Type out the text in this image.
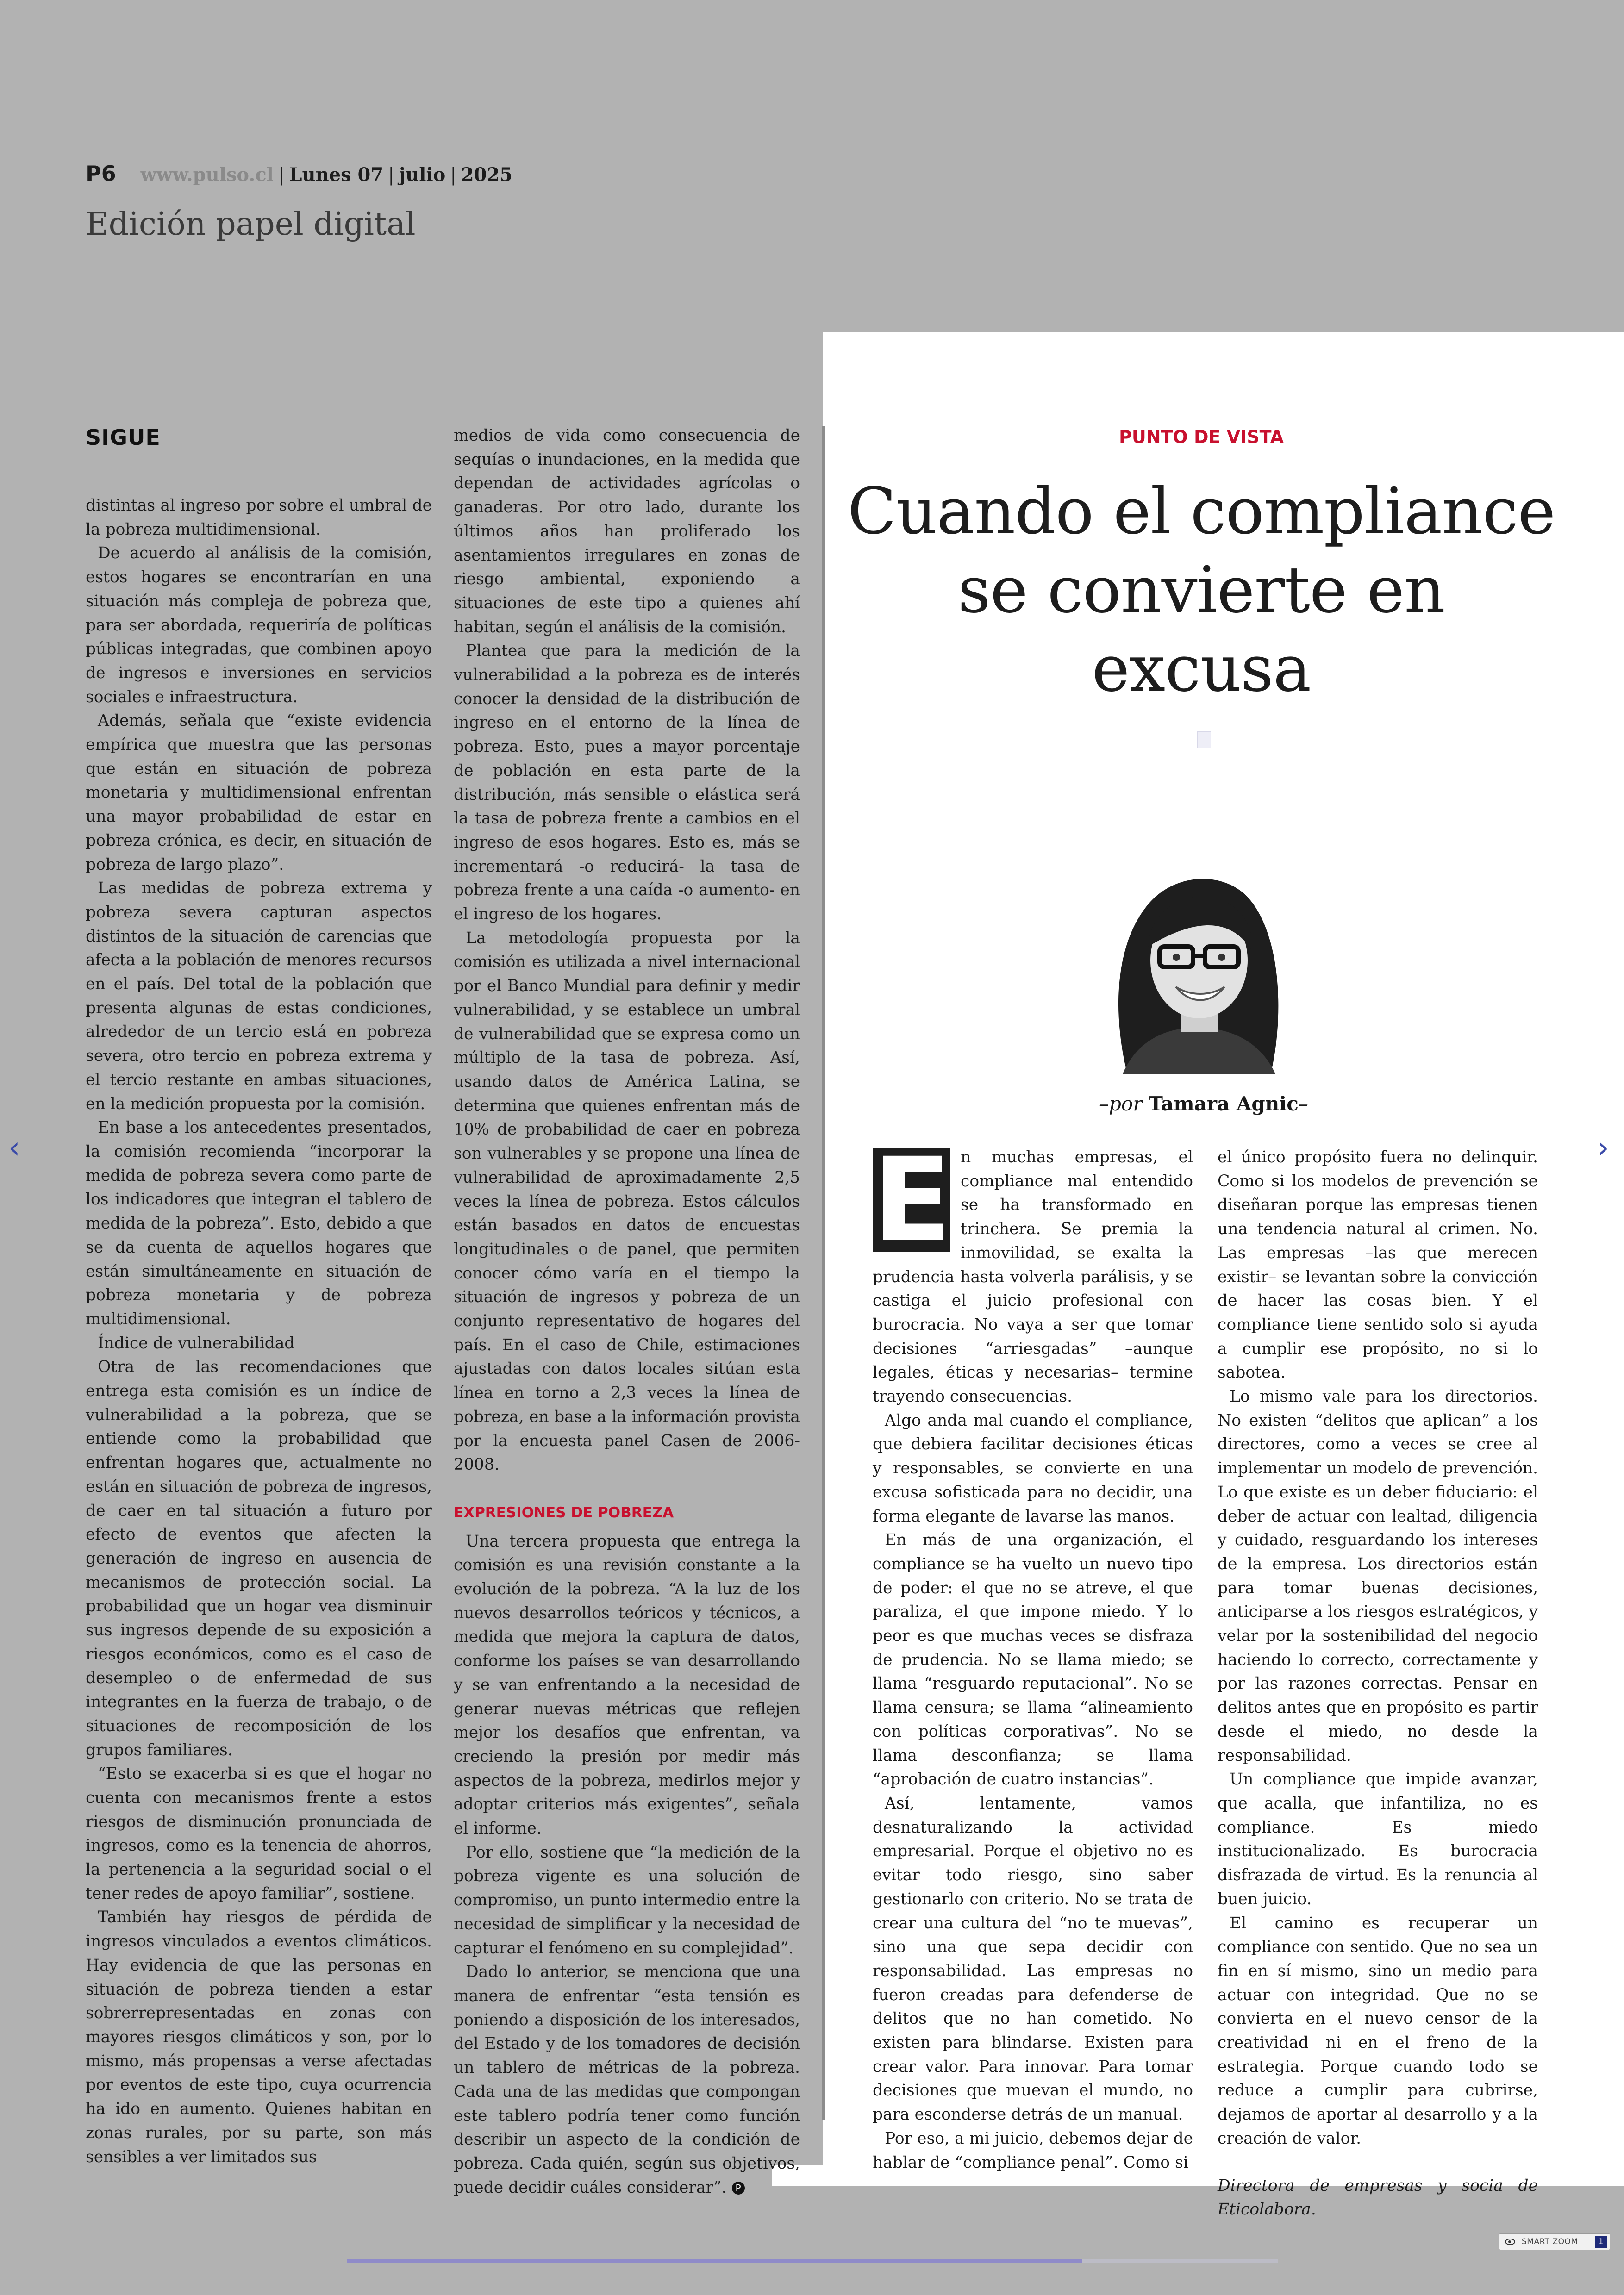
P6 www.pulso.cl | Lunes 07 | julio | 2025
Edición papel digital
SIGUE

distintas al ingreso por sobre el umbral de la pobreza multidimensional.

De acuerdo al análisis de la comisión, estos hogares se encontrarían en una situación más compleja de pobreza que, para ser abordada, requeriría de políticas públicas integradas, que combinen apoyo de ingresos e inversiones en servicios sociales e infraestructura.

Además, señala que “existe evidencia empírica que muestra que las personas que están en situación de pobreza monetaria y multidimensional enfrentan una mayor probabilidad de estar en pobreza crónica, es decir, en situación de pobreza de largo plazo”.

Las medidas de pobreza extrema y pobreza severa capturan aspectos distintos de la situación de carencias que afecta a la población de menores recursos en el país. Del total de la población que presenta algunas de estas condiciones, alrededor de un tercio está en pobreza severa, otro tercio en pobreza extrema y el tercio restante en ambas situaciones, en la medición propuesta por la comisión.

En base a los antecedentes presentados, la comisión recomienda “incorporar la medida de pobreza severa como parte de los indicadores que integran el tablero de medida de la pobreza”. Esto, debido a que se da cuenta de aquellos hogares que están simultáneamente en situación de pobreza monetaria y de pobreza multidimensional.

Índice de vulnerabilidad

Otra de las recomendaciones que entrega esta comisión es un índice de vulnerabilidad a la pobreza, que se entiende como la probabilidad que enfrentan hogares que, actualmente no están en situación de pobreza de ingresos, de caer en tal situación a futuro por efecto de eventos que afecten la generación de ingreso en ausencia de mecanismos de protección social. La probabilidad que un hogar vea disminuir sus ingresos depende de su exposición a riesgos económicos, como es el caso de desempleo o de enfermedad de sus integrantes en la fuerza de trabajo, o de situaciones de recomposición de los grupos familiares.

“Esto se exacerba si es que el hogar no cuenta con mecanismos frente a estos riesgos de disminución pronunciada de ingresos, como es la tenencia de ahorros, la pertenencia a la seguridad social o el tener redes de apoyo familiar”, sostiene.

También hay riesgos de pérdida de ingresos vinculados a eventos climáticos. Hay evidencia de que las personas en situación de pobreza tienden a estar sobrerrepresentadas en zonas con mayores riesgos climáticos y son, por lo mismo, más propensas a verse afectadas por eventos de este tipo, cuya ocurrencia ha ido en aumento. Quienes habitan en zonas rurales, por su parte, son más sensibles a ver limitados sus

medios de vida como consecuencia de sequías o inundaciones, en la medida que dependan de actividades agrícolas o ganaderas. Por otro lado, durante los últimos años han proliferado los asentamientos irregulares en zonas de riesgo ambiental, exponiendo a situaciones de este tipo a quienes ahí habitan, según el análisis de la comisión.

Plantea que para la medición de la vulnerabilidad a la pobreza es de interés conocer la densidad de la distribución de ingreso en el entorno de la línea de pobreza. Esto, pues a mayor porcentaje de población en esta parte de la distribución, más sensible o elástica será la tasa de pobreza frente a cambios en el ingreso de esos hogares. Esto es, más se incrementará -o reducirá- la tasa de pobreza frente a una caída -o aumento- en el ingreso de los hogares.

La metodología propuesta por la comisión es utilizada a nivel internacional por el Banco Mundial para definir y medir vulnerabilidad, y se establece un umbral de vulnerabilidad que se expresa como un múltiplo de la tasa de pobreza. Así, usando datos de América Latina, se determina que quienes enfrentan más de 10% de probabilidad de caer en pobreza son vulnerables y se propone una línea de vulnerabilidad de aproximadamente 2,5 veces la línea de pobreza. Estos cálculos están basados en datos de encuestas longitudinales o de panel, que permiten conocer cómo varía en el tiempo la situación de ingresos y pobreza de un conjunto representativo de hogares del país. En el caso de Chile, estimaciones ajustadas con datos locales sitúan esta línea en torno a 2,3 veces la línea de pobreza, en base a la información provista por la encuesta panel Casen de 2006-2008.

EXPRESIONES DE POBREZA

Una tercera propuesta que entrega la comisión es una revisión constante a la evolución de la pobreza. “A la luz de los nuevos desarrollos teóricos y técnicos, a medida que mejora la captura de datos, conforme los países se van desarrollando y se van enfrentando a la necesidad de generar nuevas métricas que reflejen mejor los desafíos que enfrentan, va creciendo la presión por medir más aspectos de la pobreza, medirlos mejor y adoptar criterios más exigentes”, señala el informe.

Por ello, sostiene que “la medición de la pobreza vigente es una solución de compromiso, un punto intermedio entre la necesidad de simplificar y la necesidad de capturar el fenómeno en su complejidad”.

Dado lo anterior, se menciona que una manera de enfrentar “esta tensión es poniendo a disposición de los interesados, del Estado y de los tomadores de decisión un tablero de métricas de la pobreza. Cada una de las medidas que compongan este tablero podría tener como función describir un aspecto de la condición de pobreza. Cada quién, según sus objetivos, puede decidir cuáles considerar”. P

PUNTO DE VISTA
Cuando el compliance
se convierte en excusa
–por Tamara Agnic–

E n muchas empresas, el compliance mal entendido se ha transformado en trinchera. Se premia la inmovilidad, se exalta la prudencia hasta volverla parálisis, y se castiga el juicio profesional con burocracia. No vaya a ser que tomar decisiones “arriesgadas” –aunque legales, éticas y necesarias– termine trayendo consecuencias.

Algo anda mal cuando el compliance, que debiera facilitar decisiones éticas y responsables, se convierte en una excusa sofisticada para no decidir, una forma elegante de lavarse las manos.

En más de una organización, el compliance se ha vuelto un nuevo tipo de poder: el que no se atreve, el que paraliza, el que impone miedo. Y lo peor es que muchas veces se disfraza de prudencia. No se llama miedo; se llama “resguardo reputacional”. No se llama censura; se llama “alineamiento con políticas corporativas”. No se llama desconfianza; se llama “aprobación de cuatro instancias”.

Así, lentamente, vamos desnaturalizando la actividad empresarial. Porque el objetivo no es evitar todo riesgo, sino saber gestionarlo con criterio. No se trata de crear una cultura del “no te muevas”, sino una que sepa decidir con responsabilidad. Las empresas no fueron creadas para defenderse de delitos que no han cometido. No existen para blindarse. Existen para crear valor. Para innovar. Para tomar decisiones que muevan el mundo, no para esconderse detrás de un manual.

Por eso, a mi juicio, debemos dejar de hablar de “compliance penal”. Como si

el único propósito fuera no delinquir. Como si los modelos de prevención se diseñaran porque las empresas tienen una tendencia natural al crimen. No. Las empresas –las que merecen existir– se levantan sobre la convicción de hacer las cosas bien. Y el compliance tiene sentido solo si ayuda a cumplir ese propósito, no si lo sabotea.

Lo mismo vale para los directorios. No existen “delitos que aplican” a los directores, como a veces se cree al implementar un modelo de prevención. Lo que existe es un deber fiduciario: el deber de actuar con lealtad, diligencia y cuidado, resguardando los intereses de la empresa. Los directorios están para tomar buenas decisiones, anticiparse a los riesgos estratégicos, y velar por la sostenibilidad del negocio haciendo lo correcto, correctamente y por las razones correctas. Pensar en delitos antes que en propósito es partir desde el miedo, no desde la responsabilidad.

Un compliance que impide avanzar, que acalla, que infantiliza, no es compliance. Es miedo institucionalizado. Es burocracia disfrazada de virtud. Es la renuncia al buen juicio.

El camino es recuperar un compliance con sentido. Que no sea un fin en sí mismo, sino un medio para actuar con integridad. Que no se convierta en el nuevo censor de la creatividad ni en el freno de la estrategia. Porque cuando todo se reduce a cumplir para cubrirse, dejamos de aportar al desarrollo y a la creación de valor.

Directora de empresas y socia de Eticolabora.

‹	›
SMART ZOOM	1
